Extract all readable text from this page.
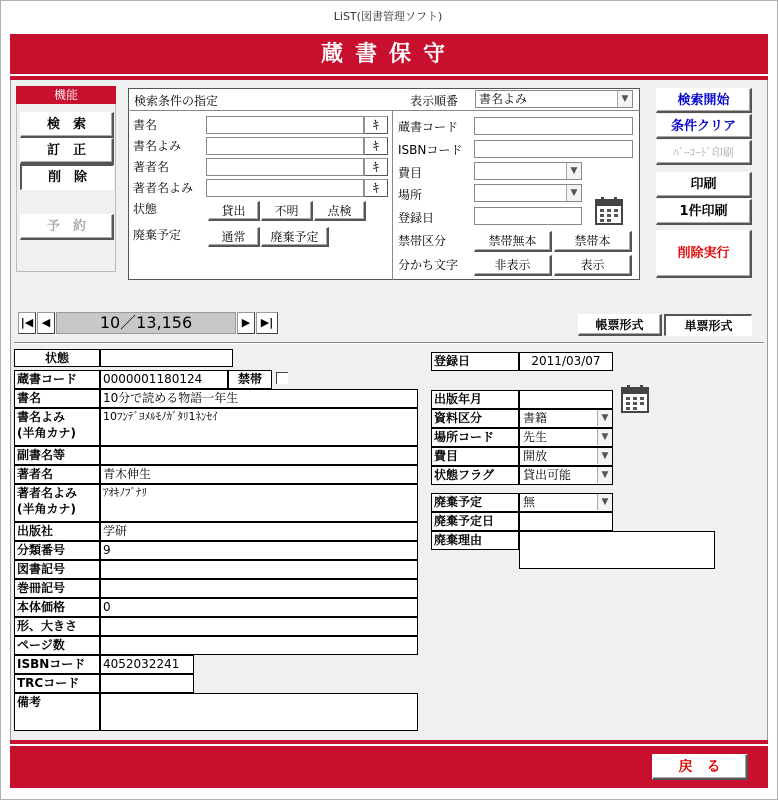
LiST(図書管理ソフト)
蔵書保守
機能
検　索
訂　正
削　除
予　約
検索条件の指定	表示順番	書名よみ	▼
書名	ｷ
書名よみ	ｷ
著者名	ｷ
著者名よみ	ｷ
状態	貸出	不明	点検
廃棄予定	通常	廃棄予定
蔵書コード
ISBNコード
費目	▼
場所	▼
登録日
禁帯区分	禁帯無本	禁帯本
分かち文字	非表示	表示
検索開始
条件クリア
ﾊﾞｰｺｰﾄﾞ印刷
印刷
1件印刷
削除実行
|◀ ◀	10／13,156	▶ ▶|	帳票形式	単票形式
状態
蔵書コード	0000001180124	禁帯
書名	10分で読める物語一年生
書名よみ
(半角カナ)
10ﾌﾝﾃﾞﾖﾒﾙﾓﾉｶﾞﾀﾘ1ﾈﾝｾｲ
副書名等
著者名	青木伸生
著者名よみ
(半角カナ)
ｱｵｷﾉﾌﾞﾅﾘ
出版社	学研
分類番号	9
図書記号
巻冊記号
本体価格	0
形、大きさ
ページ数
ISBNコード	4052032241
TRCコード
備考
登録日	2011/03/07
出版年月
資料区分	書籍	▼
場所コード	先生	▼
費目	開放	▼
状態フラグ	貸出可能	▼
廃棄予定	無	▼
廃棄予定日
廃棄理由
戻　る
